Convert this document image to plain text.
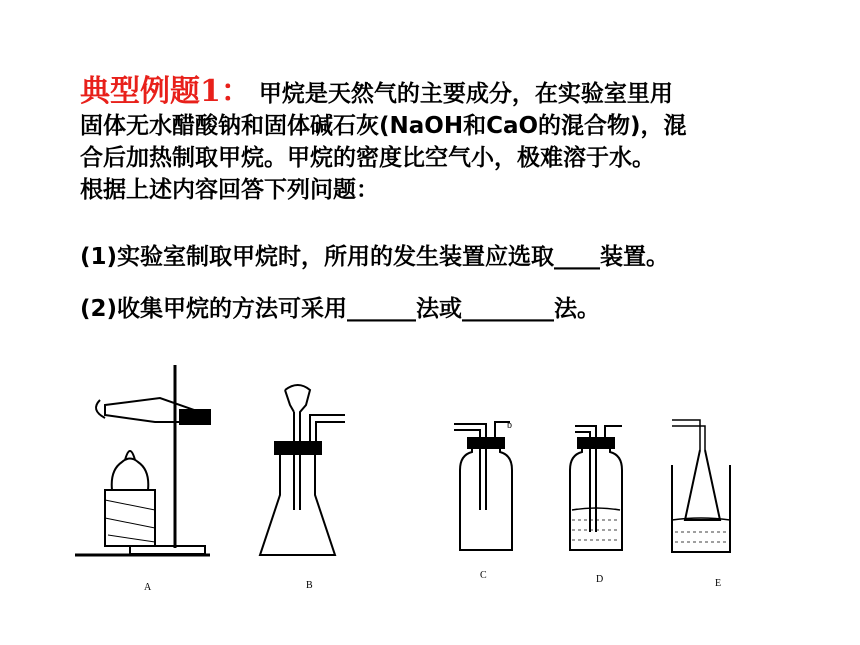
典型例题1： 甲烷是天然气的主要成分，在实验室里用
固体无水醋酸钠和固体碱石灰(NaOH和CaO的混合物)，混
合后加热制取甲烷。甲烷的密度比空气小，极难溶于水。
根据上述内容回答下列问题：
(1)实验室制取甲烷时，所用的发生装置应选取____装置。
(2)收集甲烷的方法可采用______法或________法。
A	B
C	D	E
b
